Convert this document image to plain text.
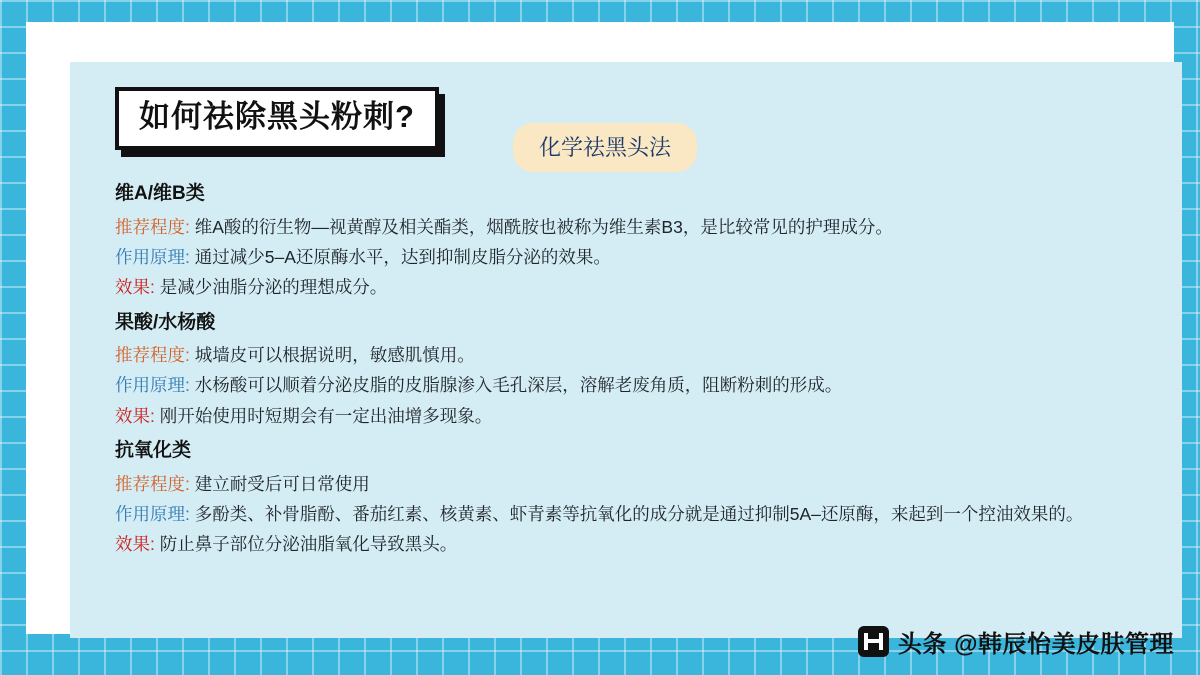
如何祛除黑头粉刺?
化学祛黑头法
维A/维B类
推荐程度: 维A酸的衍生物—视黄醇及相关酯类，烟酰胺也被称为维生素B3，是比较常见的护理成分。
作用原理: 通过减少5–A还原酶水平，达到抑制皮脂分泌的效果。
效果: 是减少油脂分泌的理想成分。
果酸/水杨酸
推荐程度: 城墙皮可以根据说明，敏感肌慎用。
作用原理: 水杨酸可以顺着分泌皮脂的皮脂腺渗入毛孔深层，溶解老废角质，阻断粉刺的形成。
效果: 刚开始使用时短期会有一定出油增多现象。
抗氧化类
推荐程度: 建立耐受后可日常使用
作用原理: 多酚类、补骨脂酚、番茄红素、核黄素、虾青素等抗氧化的成分就是通过抑制5A–还原酶，来起到一个控油效果的。
效果: 防止鼻子部位分泌油脂氧化导致黑头。
头条 @韩辰怡美皮肤管理
